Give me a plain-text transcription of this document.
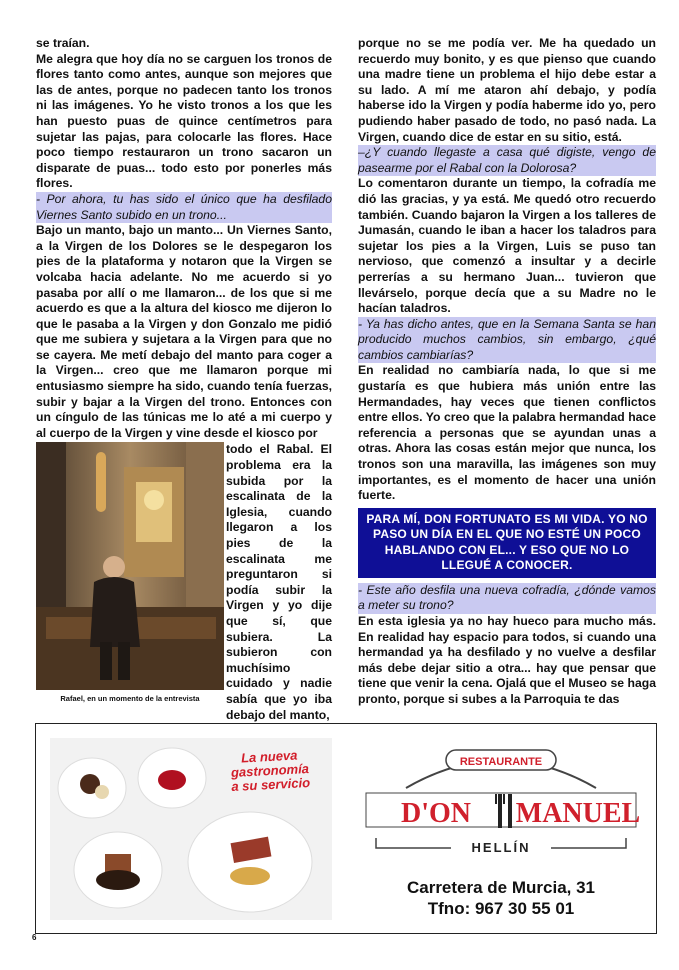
se traían.

Me alegra que hoy día no se carguen los tronos de flores tanto como antes, aunque son mejores que las de antes, porque no padecen tanto los tronos ni las imágenes. Yo he visto tronos a los que les han puesto puas de quince centímetros para sujetar las pajas, para colocarle las flores. Hace poco tiempo restauraron un trono sacaron un disparate de puas... todo esto por ponerles más flores.

- Por ahora, tu has sido el único que ha desfilado Viernes Santo subido en un trono...

Bajo un manto, bajo un manto... Un Viernes Santo, a la Virgen de los Dolores se le despegaron los pies de la plataforma y notaron que la Virgen se volcaba hacia adelante. No me acuerdo si yo pasaba por allí o me llamaron... de los que si me acuerdo es que a la altura del kiosco me dijeron lo que le pasaba a la Virgen y don Gonzalo me pidió que me subiera y sujetara a la Virgen para que no se cayera. Me metí debajo del manto para coger a la Virgen... creo que me llamaron porque mi entusiasmo siempre ha sido, cuando tenía fuerzas, subir y bajar a la Virgen del trono. Entonces con un cíngulo de las túnicas me lo até a mi cuerpo y al cuerpo de la Virgen y vine desde el kiosco por

Rafael, en un momento de la entrevista

todo el Rabal. El problema era la subida por la escalinata de la Iglesia, cuando llegaron a los pies de la escalinata me preguntaron si podía subir la Virgen y yo dije que sí, que subiera. La subieron con muchísimo cuidado y nadie sabía que yo iba debajo del manto,

porque no se me podía ver. Me ha quedado un recuerdo muy bonito, y es que pienso que cuando una madre tiene un problema el hijo debe estar a su lado. A mí me ataron ahí debajo, y podía haberse ido la Virgen y podía haberme ido yo, pero pudiendo haber pasado de todo, no pasó nada. La Virgen, cuando dice de estar en su sitio, está.

–¿Y cuando llegaste a casa qué digiste, vengo de pasearme por el Rabal con la Dolorosa?

Lo comentaron durante un tiempo, la cofradía me dió las gracias, y ya está. Me quedó otro recuerdo también. Cuando bajaron la Virgen a los talleres de Jumasán, cuando le iban a hacer los taladros para sujetar los pies a la Virgen, Luis se puso tan nervioso, que comenzó a insultar y a decirle perrerías a su hermano Juan... tuvieron que llevárselo, porque decía que a su Madre no le hacían taladros.

- Ya has dicho antes, que en la Semana Santa se han producido muchos cambios, sin embargo, ¿qué cambios cambiarías?

En realidad no cambiaría nada, lo que si me gustaría es que hubiera más unión entre las Hermandades, hay veces que tienen conflictos entre ellos. Yo creo que la palabra hermandad hace referencia a personas que se ayundan unas a otras. Ahora las cosas están mejor que nunca, los tronos son una maravilla, las imágenes son muy importantes, es el momento de hacer una unión fuerte.

PARA MÍ, DON FORTUNATO ES MI VIDA. YO NO PASO UN DÍA EN EL QUE NO ESTÉ UN POCO HABLANDO CON EL... Y ESO QUE NO LO LLEGUÉ A CONOCER.

- Este año desfila una nueva cofradía, ¿dónde vamos a meter su trono?

En esta iglesia ya no hay hueco para mucho más. En realidad hay espacio para todos, si cuando una hermandad ya ha desfilado y no vuelve a desfilar más debe dejar sitio a otra... hay que pensar que tiene que venir la cena. Ojalá que el Museo se haga pronto, porque si subes a la Parroquia te das

La nueva gastronomía
a su servicio
RESTAURANTE
D'ON MANUEL
HELLÍN
Carretera de Murcia, 31
Tfno: 967 30 55 01
6
